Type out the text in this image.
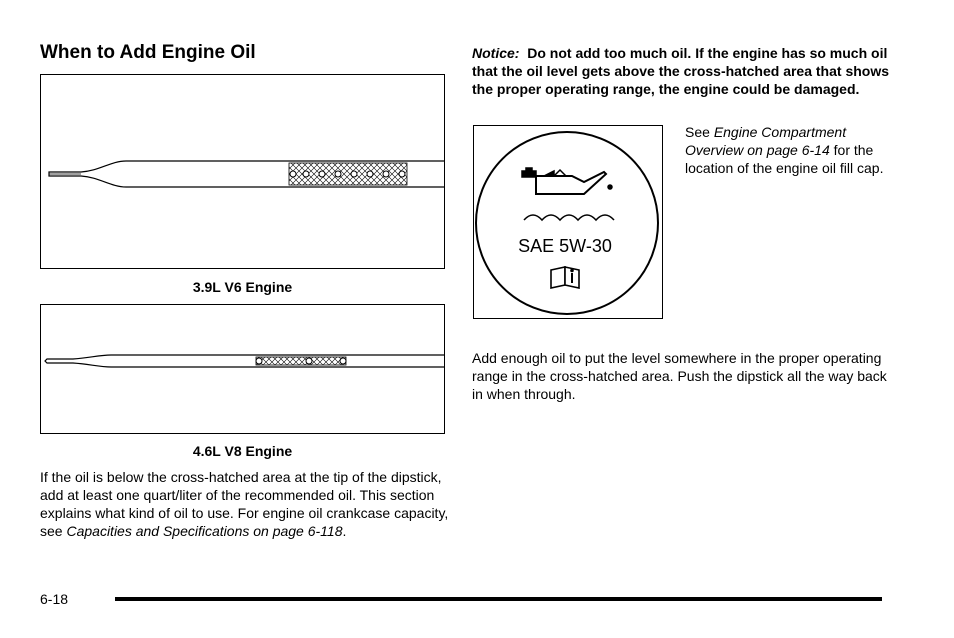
When to Add Engine Oil
3.9L V6 Engine
4.6L V8 Engine
If the oil is below the cross-hatched area at the tip of the dipstick, add at least one quart/liter of the recommended oil. This section explains what kind of oil to use. For engine oil crankcase capacity, see Capacities and Specifications on page 6-118.
Notice: Do not add too much oil. If the engine has so much oil that the oil level gets above the cross-hatched area that shows the proper operating range, the engine could be damaged.
SAE 5W-30
See Engine Compartment Overview on page 6-14 for the location of the engine oil fill cap.
Add enough oil to put the level somewhere in the proper operating range in the cross-hatched area. Push the dipstick all the way back in when through.
6-18
